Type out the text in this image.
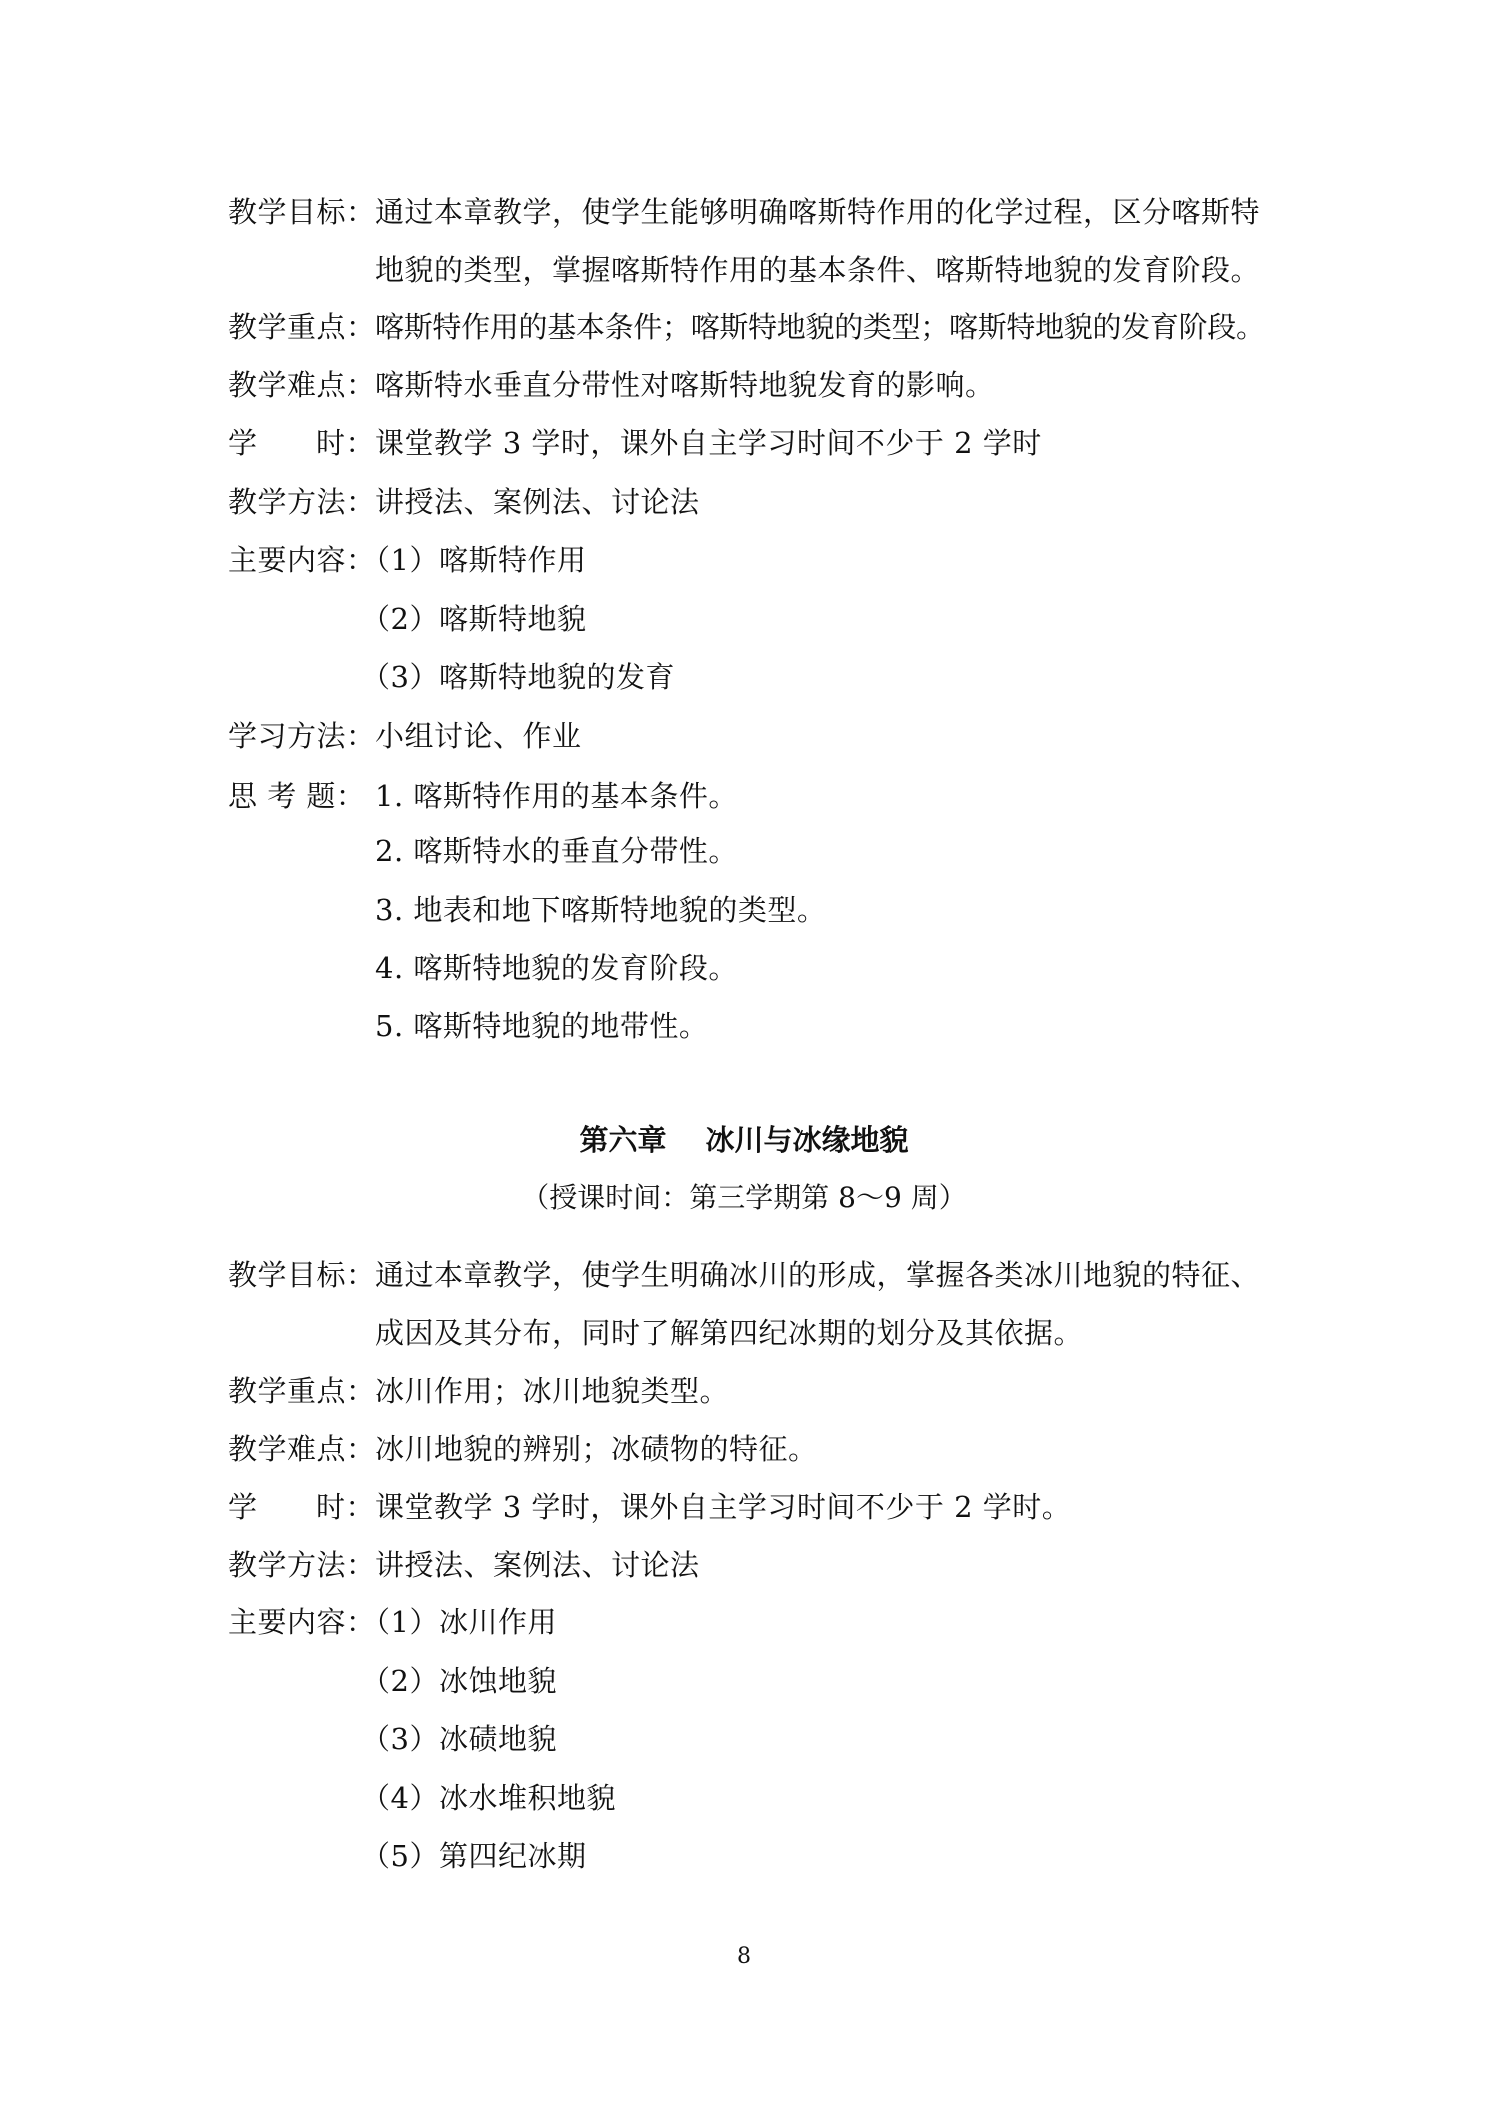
教学目标： 通过本章教学，使学生能够明确喀斯特作用的化学过程，区分喀斯特
地貌的类型，掌握喀斯特作用的基本条件、喀斯特地貌的发育阶段。
教学重点： 喀斯特作用的基本条件；喀斯特地貌的类型；喀斯特地貌的发育阶段。
教学难点： 喀斯特水垂直分带性对喀斯特地貌发育的影响。
学 时： 课堂教学 3 学时，课外自主学习时间不少于 2 学时
教学方法： 讲授法、案例法、讨论法
主要内容：
（1）喀斯特作用
（2）喀斯特地貌
（3）喀斯特地貌的发育
学习方法： 小组讨论、作业
思 考 题： 1. 喀斯特作用的基本条件。
2. 喀斯特水的垂直分带性。
3. 地表和地下喀斯特地貌的类型。
4. 喀斯特地貌的发育阶段。
5. 喀斯特地貌的地带性。
第六章　 冰川与冰缘地貌
（授课时间：第三学期第 8～9 周）
教学目标： 通过本章教学，使学生明确冰川的形成，掌握各类冰川地貌的特征、
成因及其分布，同时了解第四纪冰期的划分及其依据。
教学重点： 冰川作用；冰川地貌类型。
教学难点： 冰川地貌的辨别；冰碛物的特征。
学 时： 课堂教学 3 学时，课外自主学习时间不少于 2 学时。
教学方法： 讲授法、案例法、讨论法
主要内容：
（1）冰川作用
（2）冰蚀地貌
（3）冰碛地貌
（4）冰水堆积地貌
（5）第四纪冰期
8
